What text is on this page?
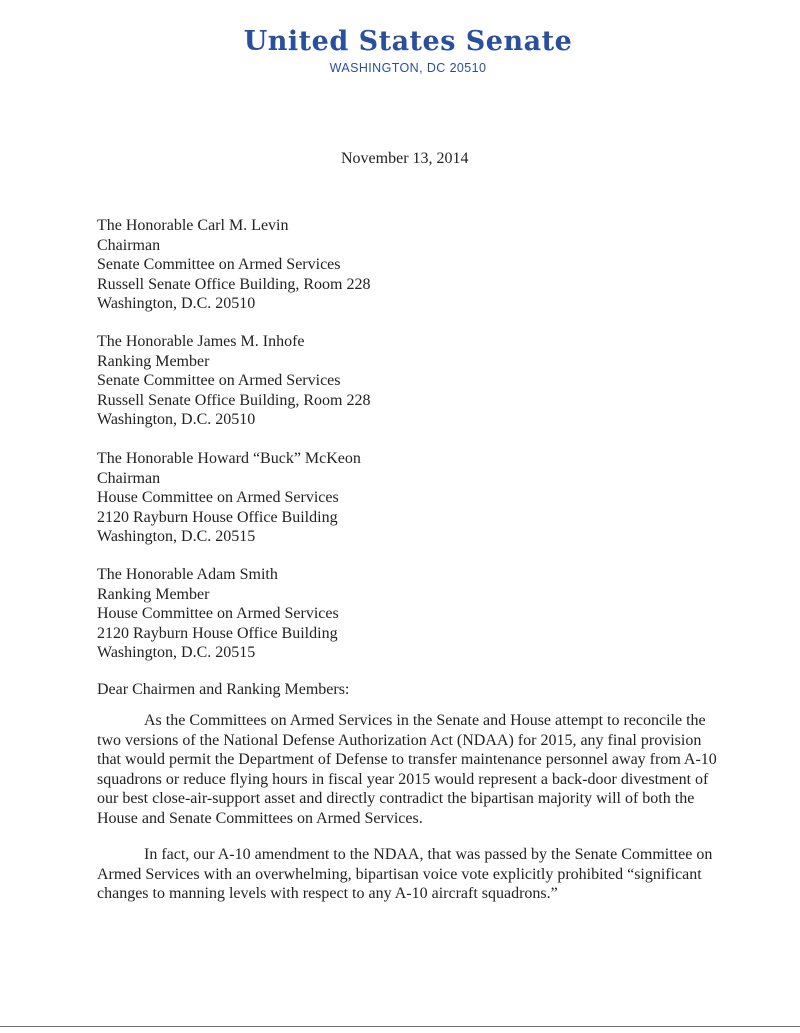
United States Senate
WASHINGTON, DC 20510
November 13, 2014
The Honorable Carl M. Levin
Chairman
Senate Committee on Armed Services
Russell Senate Office Building, Room 228
Washington, D.C. 20510
The Honorable James M. Inhofe
Ranking Member
Senate Committee on Armed Services
Russell Senate Office Building, Room 228
Washington, D.C. 20510
The Honorable Howard “Buck” McKeon
Chairman
House Committee on Armed Services
2120 Rayburn House Office Building
Washington, D.C. 20515
The Honorable Adam Smith
Ranking Member
House Committee on Armed Services
2120 Rayburn House Office Building
Washington, D.C. 20515
Dear Chairmen and Ranking Members:
As the Committees on Armed Services in the Senate and House attempt to reconcile the
two versions of the National Defense Authorization Act (NDAA) for 2015, any final provision
that would permit the Department of Defense to transfer maintenance personnel away from A-10
squadrons or reduce flying hours in fiscal year 2015 would represent a back-door divestment of
our best close-air-support asset and directly contradict the bipartisan majority will of both the
House and Senate Committees on Armed Services.
In fact, our A-10 amendment to the NDAA, that was passed by the Senate Committee on
Armed Services with an overwhelming, bipartisan voice vote explicitly prohibited “significant
changes to manning levels with respect to any A-10 aircraft squadrons.”
